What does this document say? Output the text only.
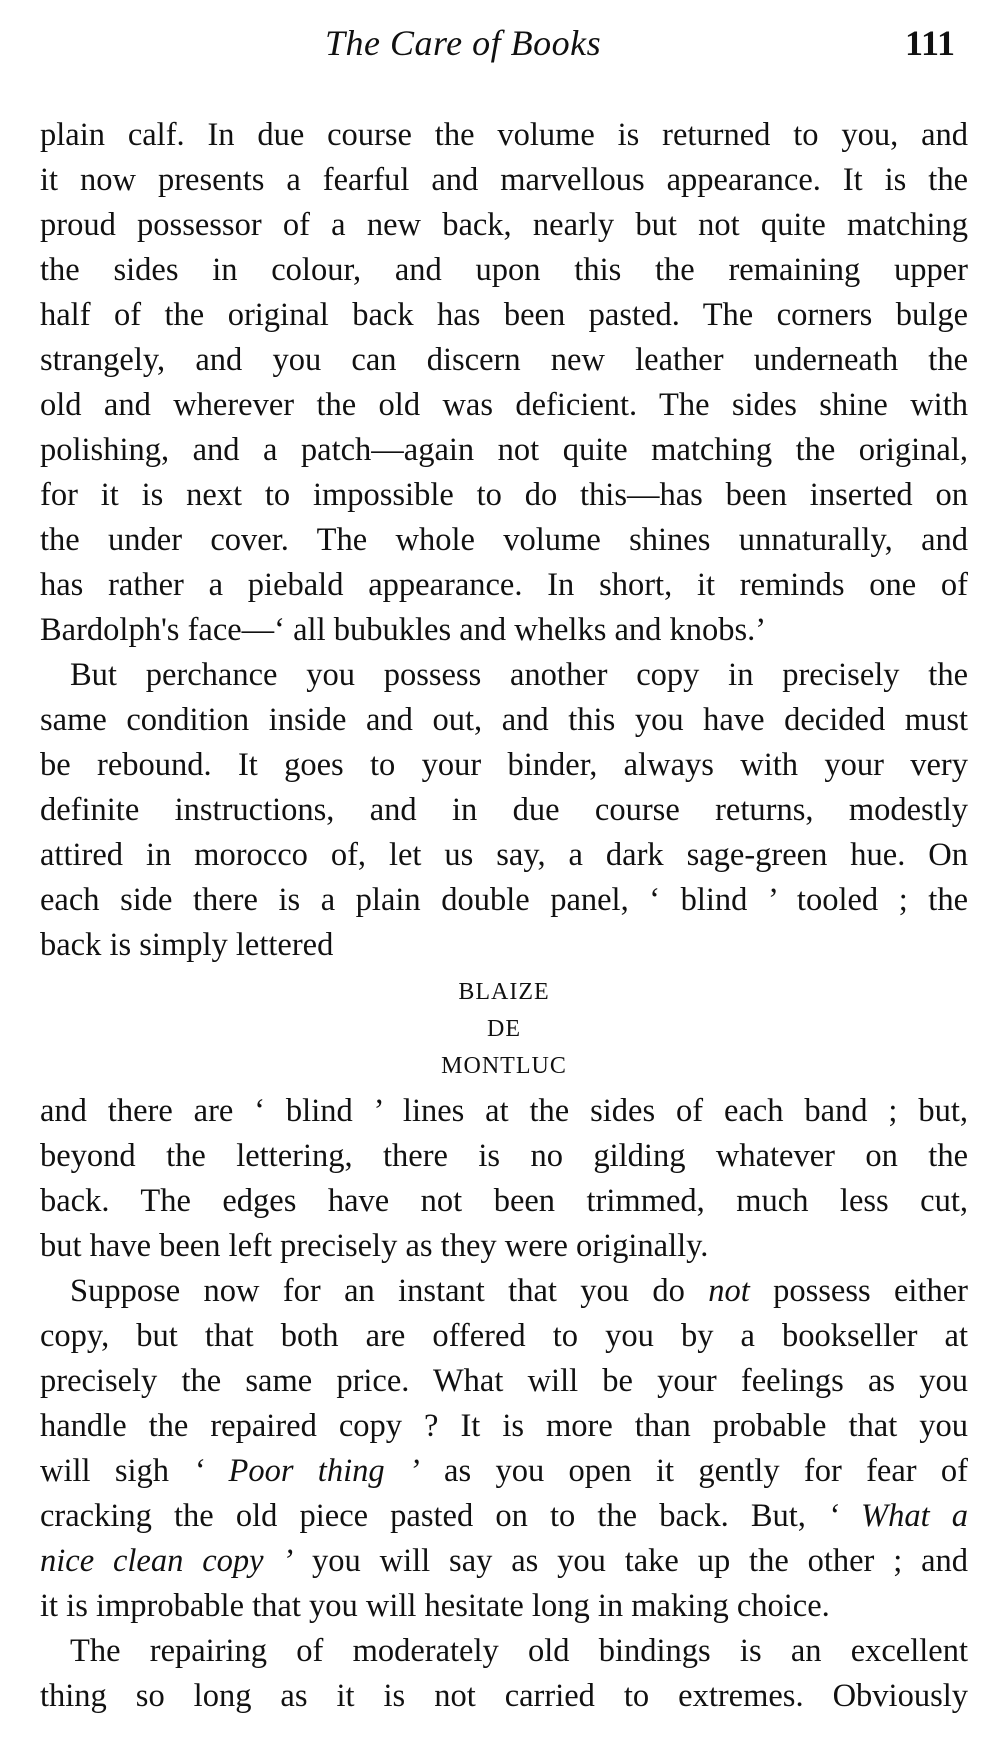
The Care of Books	111
plain calf. In due course the volume is returned to you, and
it now presents a fearful and marvellous appearance. It is the
proud possessor of a new back, nearly but not quite matching
the sides in colour, and upon this the remaining upper
half of the original back has been pasted. The corners bulge
strangely, and you can discern new leather underneath the
old and wherever the old was deficient. The sides shine with
polishing, and a patch—again not quite matching the original,
for it is next to impossible to do this—has been inserted on
the under cover. The whole volume shines unnaturally, and
has rather a piebald appearance. In short, it reminds one of
Bardolph's face—‘ all bubukles and whelks and knobs.’
But perchance you possess another copy in precisely the
same condition inside and out, and this you have decided must
be rebound. It goes to your binder, always with your very
definite instructions, and in due course returns, modestly
attired in morocco of, let us say, a dark sage-green hue. On
each side there is a plain double panel, ‘ blind ’ tooled ; the
back is simply lettered
BLAIZE
DE
MONTLUC
and there are ‘ blind ’ lines at the sides of each band ; but,
beyond the lettering, there is no gilding whatever on the
back. The edges have not been trimmed, much less cut,
but have been left precisely as they were originally.
Suppose now for an instant that you do not possess either
copy, but that both are offered to you by a bookseller at
precisely the same price. What will be your feelings as you
handle the repaired copy ? It is more than probable that you
will sigh ‘ Poor thing ’ as you open it gently for fear of
cracking the old piece pasted on to the back. But, ‘ What a
nice clean copy ’ you will say as you take up the other ; and
it is improbable that you will hesitate long in making choice.
The repairing of moderately old bindings is an excellent
thing so long as it is not carried to extremes. Obviously
